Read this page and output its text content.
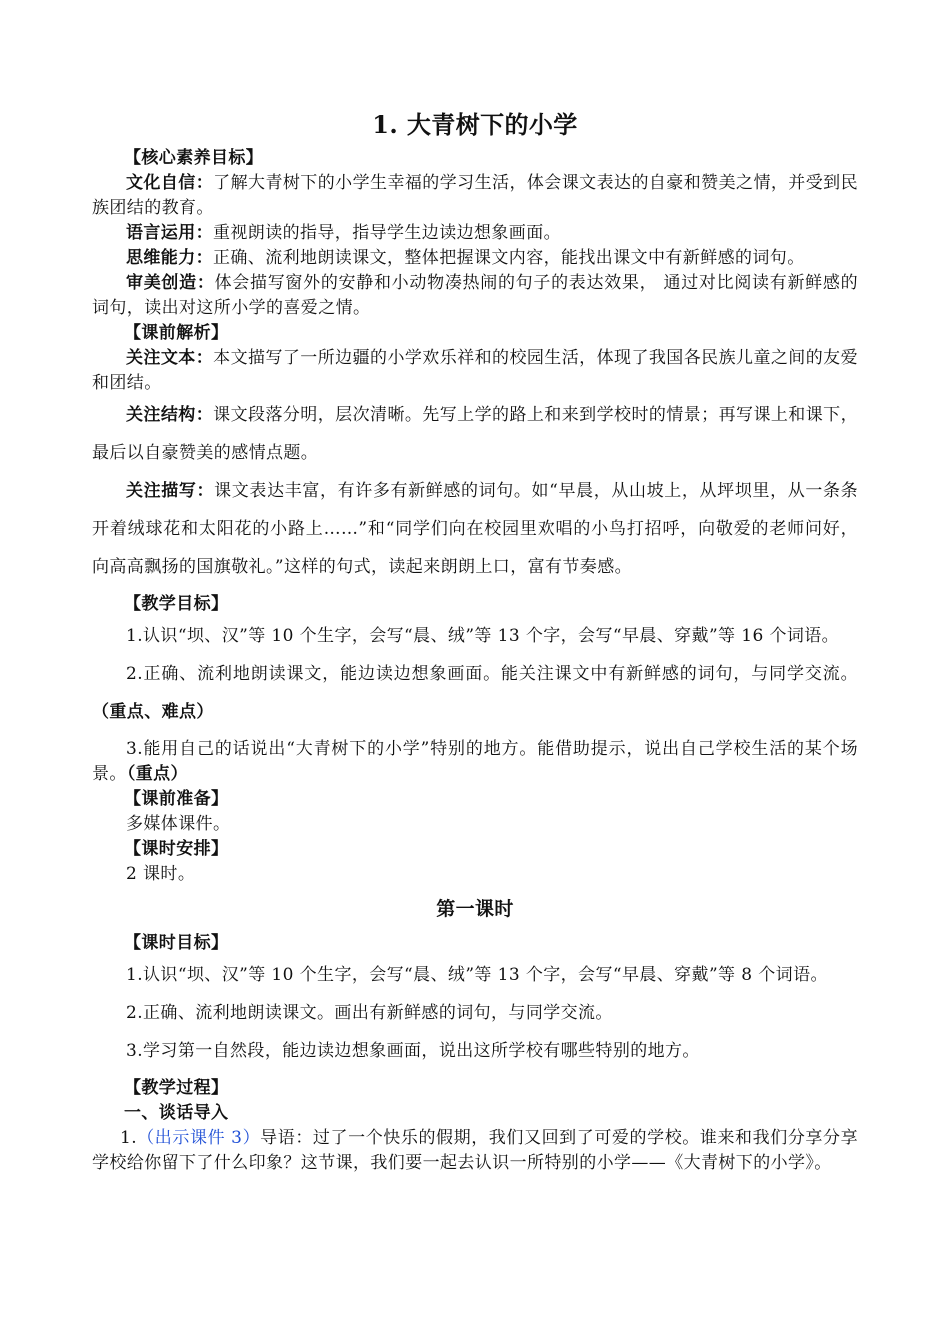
1. 大青树下的小学
【核心素养目标】

文化自信：了解大青树下的小学生幸福的学习生活，体会课文表达的自豪和赞美之情，并受到民族团结的教育。

语言运用：重视朗读的指导，指导学生边读边想象画面。

思维能力：正确、流利地朗读课文，整体把握课文内容，能找出课文中有新鲜感的词句。

审美创造：体会描写窗外的安静和小动物凑热闹的句子的表达效果， 通过对比阅读有新鲜感的词句，读出对这所小学的喜爱之情。

【课前解析】

关注文本：本文描写了一所边疆的小学欢乐祥和的校园生活，体现了我国各民族儿童之间的友爱和团结。

关注结构：课文段落分明，层次清晰。先写上学的路上和来到学校时的情景；再写课上和课下，最后以自豪赞美的感情点题。

关注描写：课文表达丰富，有许多有新鲜感的词句。如“早晨，从山坡上，从坪坝里，从一条条开着绒球花和太阳花的小路上……”和“同学们向在校园里欢唱的小鸟打招呼，向敬爱的老师问好，向高高飘扬的国旗敬礼。”这样的句式，读起来朗朗上口，富有节奏感。

【教学目标】

1.认识“坝、汉”等 10 个生字，会写“晨、绒”等 13 个字，会写“早晨、穿戴”等 16 个词语。

2.正确、流利地朗读课文，能边读边想象画面。能关注课文中有新鲜感的词句，与同学交流。（重点、难点）

3.能用自己的话说出“大青树下的小学”特别的地方。能借助提示，说出自己学校生活的某个场景。（重点）

【课前准备】

多媒体课件。

【课时安排】

2 课时。

第一课时
【课时目标】

1.认识“坝、汉”等 10 个生字，会写“晨、绒”等 13 个字，会写“早晨、穿戴”等 8 个词语。

2.正确、流利地朗读课文。画出有新鲜感的词句，与同学交流。

3.学习第一自然段，能边读边想象画面，说出这所学校有哪些特别的地方。

【教学过程】
一、谈话导入

1.（出示课件 3）导语：过了一个快乐的假期，我们又回到了可爱的学校。谁来和我们分享分享学校给你留下了什么印象？这节课，我们要一起去认识一所特别的小学——《大青树下的小学》。
